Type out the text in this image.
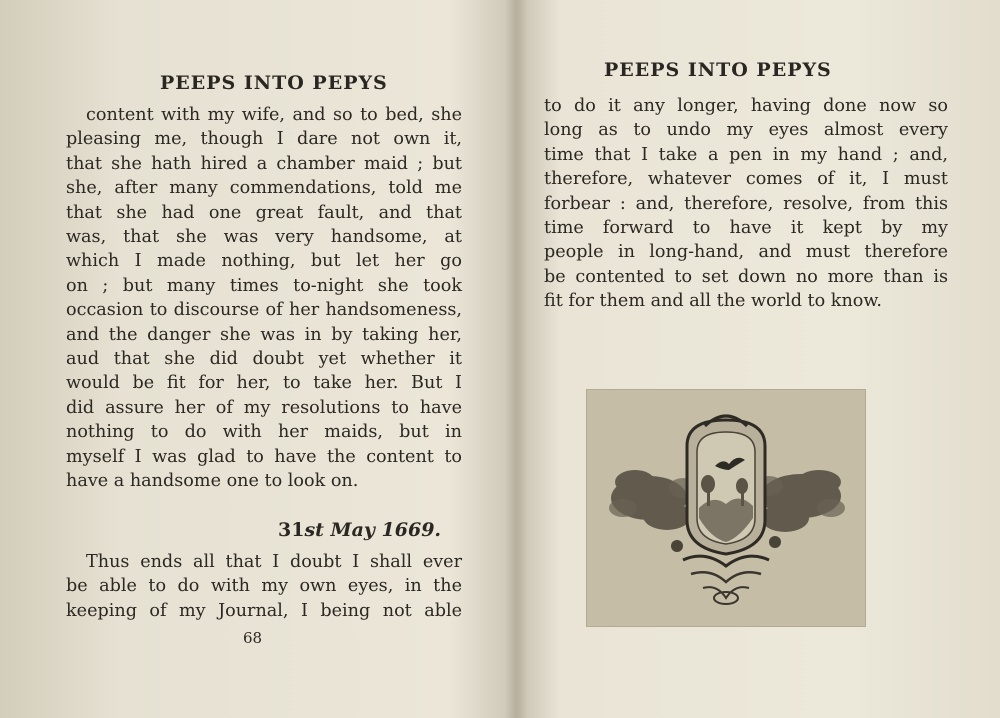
PEEPS INTO PEPYS
content with my wife, and so to bed, she
pleasing me, though I dare not own it,
that she hath hired a chamber maid ; but
she, after many commendations, told me
that she had one great fault, and that
was, that she was very handsome, at
which I made nothing, but let her go
on ; but many times to-night she took
occasion to discourse of her handsomeness,
and the danger she was in by taking her,
aud that she did doubt yet whether it
would be fit for her, to take her. But I
did assure her of my resolutions to have
nothing to do with her maids, but in
myself I was glad to have the content to
have a handsome one to look on.
31st May 1669.
Thus ends all that I doubt I shall ever
be able to do with my own eyes, in the
keeping of my Journal, I being not able
68
PEEPS INTO PEPYS
to do it any longer, having done now so
long as to undo my eyes almost every
time that I take a pen in my hand ; and,
therefore, whatever comes of it, I must
forbear : and, therefore, resolve, from this
time forward to have it kept by my
people in long-hand, and must therefore
be contented to set down no more than is
fit for them and all the world to know.
